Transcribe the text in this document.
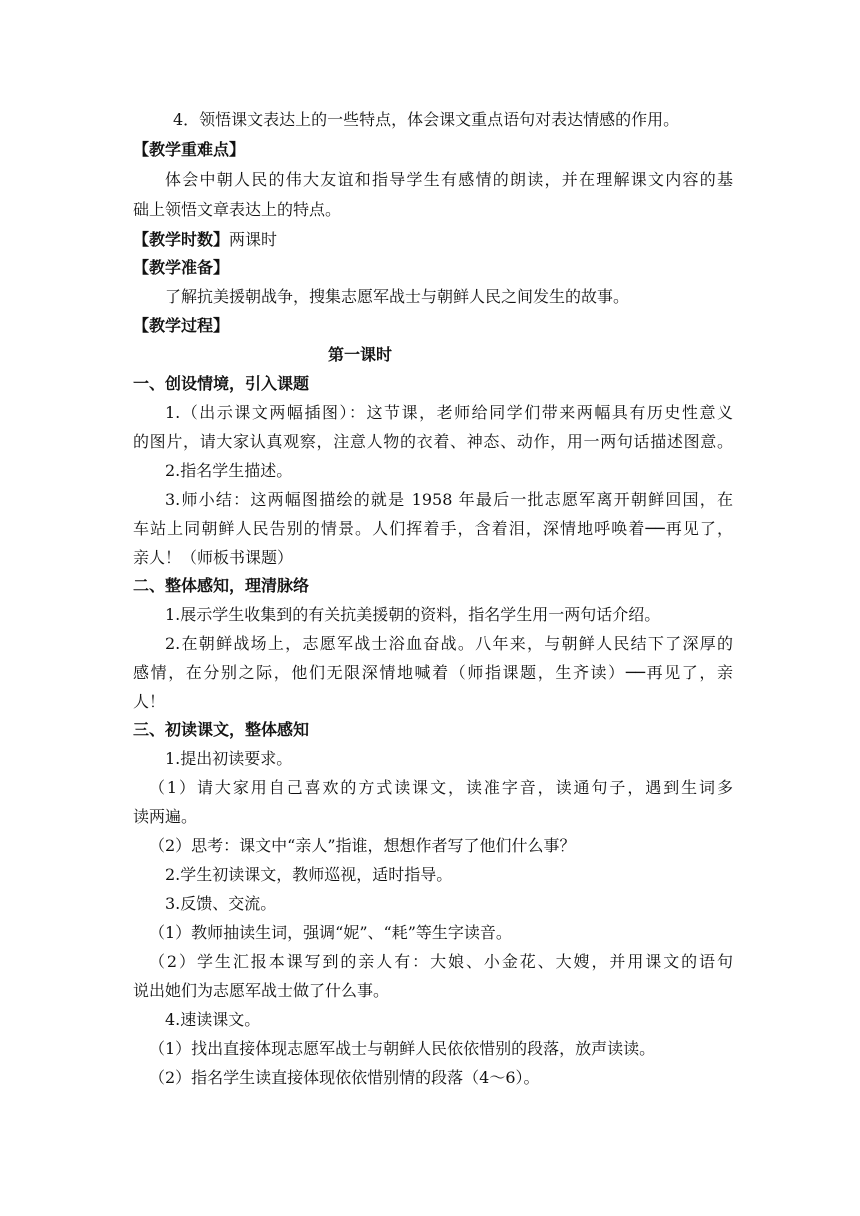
4．领悟课文表达上的一些特点，体会课文重点语句对表达情感的作用。
【教学重难点】
体会中朝人民的伟大友谊和指导学生有感情的朗读，并在理解课文内容的基
础上领悟文章表达上的特点。
【教学时数】两课时
【教学准备】
了解抗美援朝战争，搜集志愿军战士与朝鲜人民之间发生的故事。
【教学过程】
第一课时
一、创设情境，引入课题
1.（出示课文两幅插图）：这节课，老师给同学们带来两幅具有历史性意义
的图片，请大家认真观察，注意人物的衣着、神态、动作，用一两句话描述图意。
2.指名学生描述。
3.师小结：这两幅图描绘的就是 1958 年最后一批志愿军离开朝鲜回国，在
车站上同朝鲜人民告别的情景。人们挥着手，含着泪，深情地呼唤着──再见了，
亲人！（师板书课题）
二、整体感知，理清脉络
1.展示学生收集到的有关抗美援朝的资料，指名学生用一两句话介绍。
2.在朝鲜战场上，志愿军战士浴血奋战。八年来，与朝鲜人民结下了深厚的
感情，在分别之际，他们无限深情地喊着（师指课题，生齐读）──再见了，亲
人！
三、初读课文，整体感知
1.提出初读要求。
（1）请大家用自己喜欢的方式读课文，读准字音，读通句子，遇到生词多
读两遍。
（2）思考：课文中“亲人”指谁，想想作者写了他们什么事？
2.学生初读课文，教师巡视，适时指导。
3.反馈、交流。
（1）教师抽读生词，强调“妮”、“耗”等生字读音。
（2）学生汇报本课写到的亲人有：大娘、小金花、大嫂，并用课文的语句
说出她们为志愿军战士做了什么事。
4.速读课文。
（1）找出直接体现志愿军战士与朝鲜人民依依惜别的段落，放声读读。
（2）指名学生读直接体现依依惜别情的段落（4～6）。
